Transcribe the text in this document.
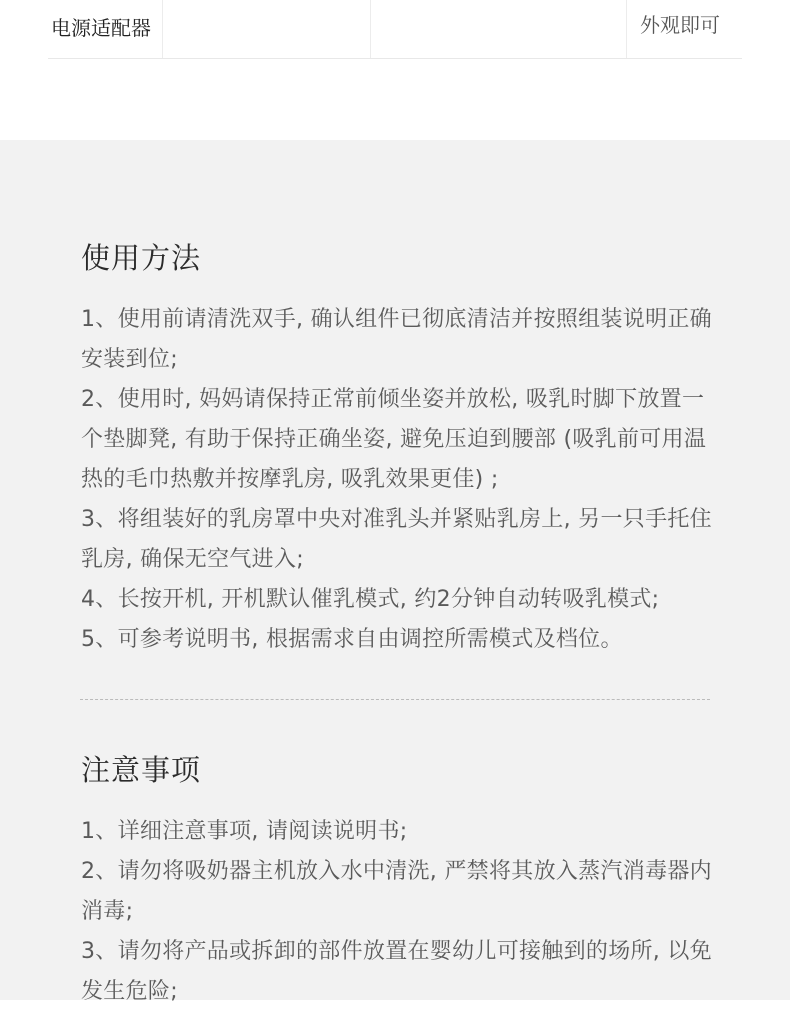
电源适配器	外观即可
使用方法
1、使用前请清洗双手, 确认组件已彻底清洁并按照组装说明正确安装到位;
2、使用时, 妈妈请保持正常前倾坐姿并放松, 吸乳时脚下放置一个垫脚凳, 有助于保持正确坐姿, 避免压迫到腰部 (吸乳前可用温热的毛巾热敷并按摩乳房, 吸乳效果更佳) ;
3、将组装好的乳房罩中央对准乳头并紧贴乳房上, 另一只手托住乳房, 确保无空气进入;
4、长按开机, 开机默认催乳模式, 约2分钟自动转吸乳模式;
5、可参考说明书, 根据需求自由调控所需模式及档位。
注意事项
1、详细注意事项, 请阅读说明书;
2、请勿将吸奶器主机放入水中清洗, 严禁将其放入蒸汽消毒器内消毒;
3、请勿将产品或拆卸的部件放置在婴幼儿可接触到的场所, 以免发生危险;
